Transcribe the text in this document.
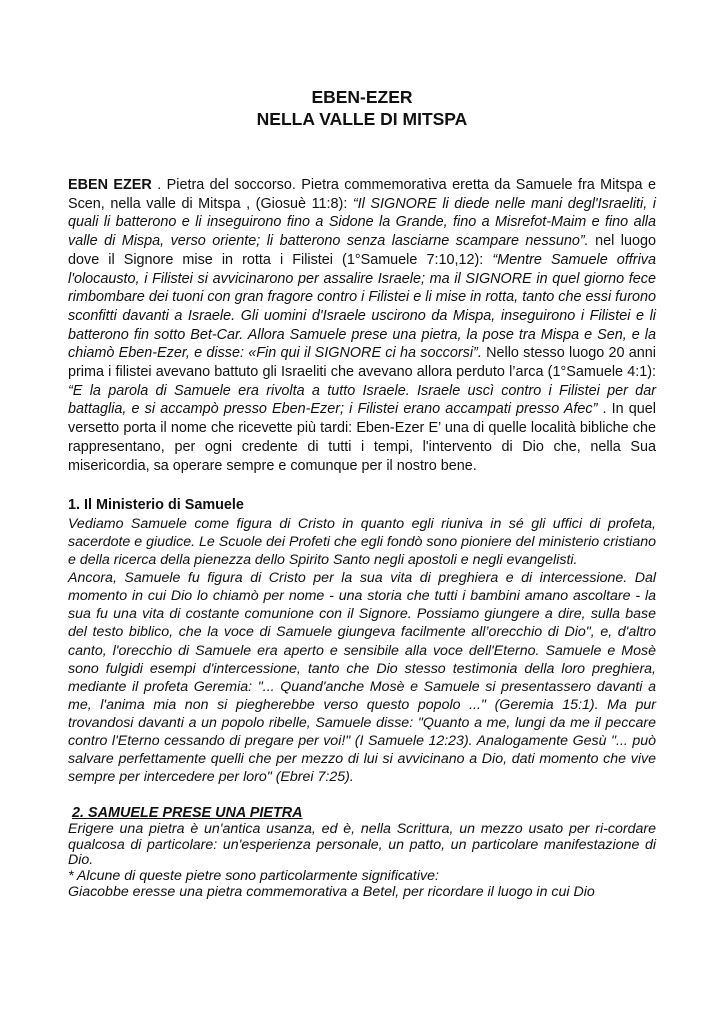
EBEN-EZER
NELLA VALLE DI MITSPA

EBEN EZER . Pietra del soccorso. Pietra commemorativa eretta da Samuele fra Mitspa e Scen, nella valle di Mitspa , (Giosuè 11:8): “Il SIGNORE li diede nelle mani degl'Israeliti, i quali li batterono e li inseguirono fino a Sidone la Grande, fino a Misrefot-Maim e fino alla valle di Mispa, verso oriente; li batterono senza lasciarne scampare nessuno”. nel luogo dove il Signore mise in rotta i Filistei (1°Samuele 7:10,12): “Mentre Samuele offriva l'olocausto, i Filistei si avvicinarono per assalire Israele; ma il SIGNORE in quel giorno fece rimbombare dei tuoni con gran fragore contro i Filistei e li mise in rotta, tanto che essi furono sconfitti davanti a Israele. Gli uomini d'Israele uscirono da Mispa, inseguirono i Filistei e li batterono fin sotto Bet-Car. Allora Samuele prese una pietra, la pose tra Mispa e Sen, e la chiamò Eben-Ezer, e disse: «Fin qui il SIGNORE ci ha soccorsi”. Nello stesso luogo 20 anni prima i filistei avevano battuto gli Israeliti che avevano allora perduto l’arca (1°Samuele 4:1): “E la parola di Samuele era rivolta a tutto Israele. Israele uscì contro i Filistei per dar battaglia, e si accampò presso Eben-Ezer; i Filistei erano accampati presso Afec” . In quel versetto porta il nome che ricevette più tardi: Eben-Ezer E’ una di quelle località bibliche che rappresentano, per ogni credente di tutti i tempi, l'intervento di Dio che, nella Sua misericordia, sa operare sempre e comunque per il nostro bene.

1. Il Ministerio di Samuele

Vediamo Samuele come figura di Cristo in quanto egli riuniva in sé gli uffici di profeta, sacerdote e giudice. Le Scuole dei Profeti che egli fondò sono pioniere del ministerio cristiano e della ricerca della pienezza dello Spirito Santo negli apostoli e negli evangelisti.

Ancora, Samuele fu figura di Cristo per la sua vita di preghiera e di intercessione. Dal momento in cui Dio lo chiamò per nome - una storia che tutti i bambini amano ascoltare - la sua fu una vita di costante comunione con il Signore. Possiamo giungere a dire, sulla base del testo biblico, che la voce di Samuele giungeva facilmente all’orecchio di Dio", e, d'altro canto, l'orecchio di Samuele era aperto e sensibile alla voce dell'Eterno. Samuele e Mosè sono fulgidi esempi d'intercessione, tanto che Dio stesso testimonia della loro preghiera, mediante il profeta Geremia: "... Quand'anche Mosè e Samuele si presentassero davanti a me, l'anima mia non si piegherebbe verso questo popolo ..." (Geremia 15:1). Ma pur trovandosi davanti a un popolo ribelle, Samuele disse: "Quanto a me, lungi da me il peccare contro l'Eterno cessando di pregare per voi!" (I Samuele 12:23). Analogamente Gesù "... può salvare perfettamente quelli che per mezzo di lui si avvicinano a Dio, dati momento che vive sempre per intercedere per loro" (Ebrei 7:25).

2. SAMUELE PRESE UNA PIETRA

Erigere una pietra è un'antica usanza, ed è, nella Scrittura, un mezzo usato per ri-cordare qualcosa di particolare: un'esperienza personale, un patto, un particolare manifestazione di Dio.

* Alcune di queste pietre sono particolarmente significative:

Giacobbe eresse una pietra commemorativa a Betel, per ricordare il luogo in cui Dio
